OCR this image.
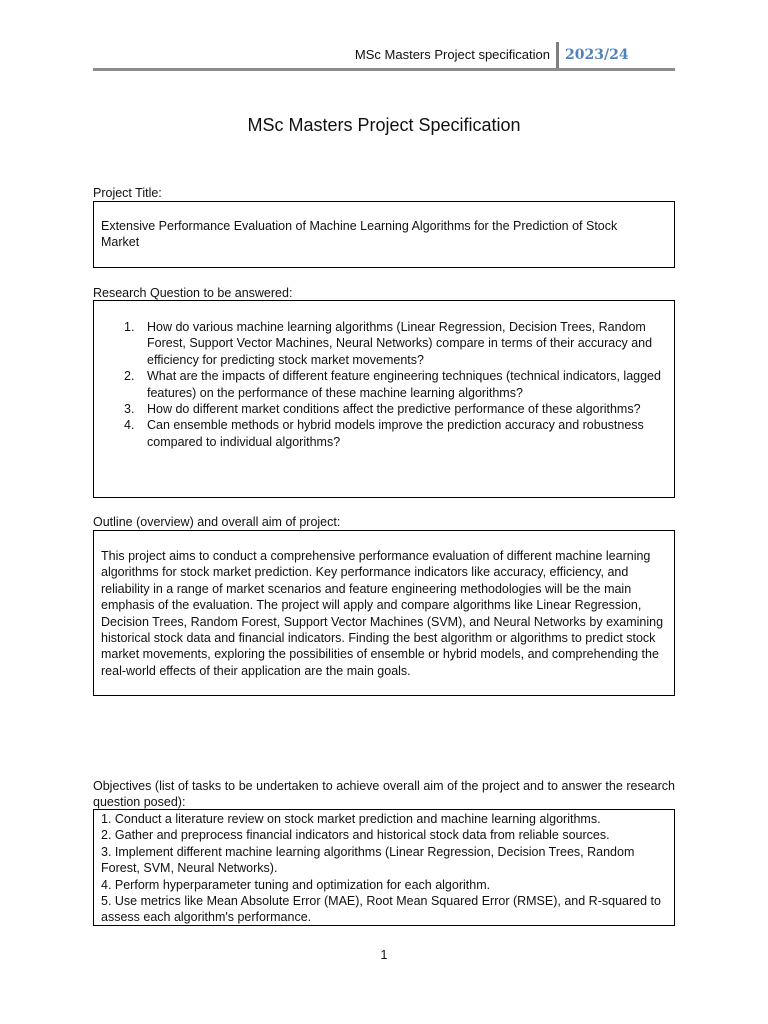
MSc Masters Project specification 2023/24
MSc Masters Project Specification
Project Title:
Extensive Performance Evaluation of Machine Learning Algorithms for the Prediction of Stock Market
Research Question to be answered:
1. How do various machine learning algorithms (Linear Regression, Decision Trees, Random Forest, Support Vector Machines, Neural Networks) compare in terms of their accuracy and efficiency for predicting stock market movements?
2. What are the impacts of different feature engineering techniques (technical indicators, lagged features) on the performance of these machine learning algorithms?
3. How do different market conditions affect the predictive performance of these algorithms?
4. Can ensemble methods or hybrid models improve the prediction accuracy and robustness compared to individual algorithms?
Outline (overview) and overall aim of project:
This project aims to conduct a comprehensive performance evaluation of different machine learning algorithms for stock market prediction. Key performance indicators like accuracy, efficiency, and reliability in a range of market scenarios and feature engineering methodologies will be the main emphasis of the evaluation. The project will apply and compare algorithms like Linear Regression, Decision Trees, Random Forest, Support Vector Machines (SVM), and Neural Networks by examining historical stock data and financial indicators. Finding the best algorithm or algorithms to predict stock market movements, exploring the possibilities of ensemble or hybrid models, and comprehending the real-world effects of their application are the main goals.
Objectives (list of tasks to be undertaken to achieve overall aim of the project and to answer the research question posed):
1. Conduct a literature review on stock market prediction and machine learning algorithms.
2. Gather and preprocess financial indicators and historical stock data from reliable sources.
3. Implement different machine learning algorithms (Linear Regression, Decision Trees, Random Forest, SVM, Neural Networks).
4. Perform hyperparameter tuning and optimization for each algorithm.
5. Use metrics like Mean Absolute Error (MAE), Root Mean Squared Error (RMSE), and R-squared to assess each algorithm's performance.
1
